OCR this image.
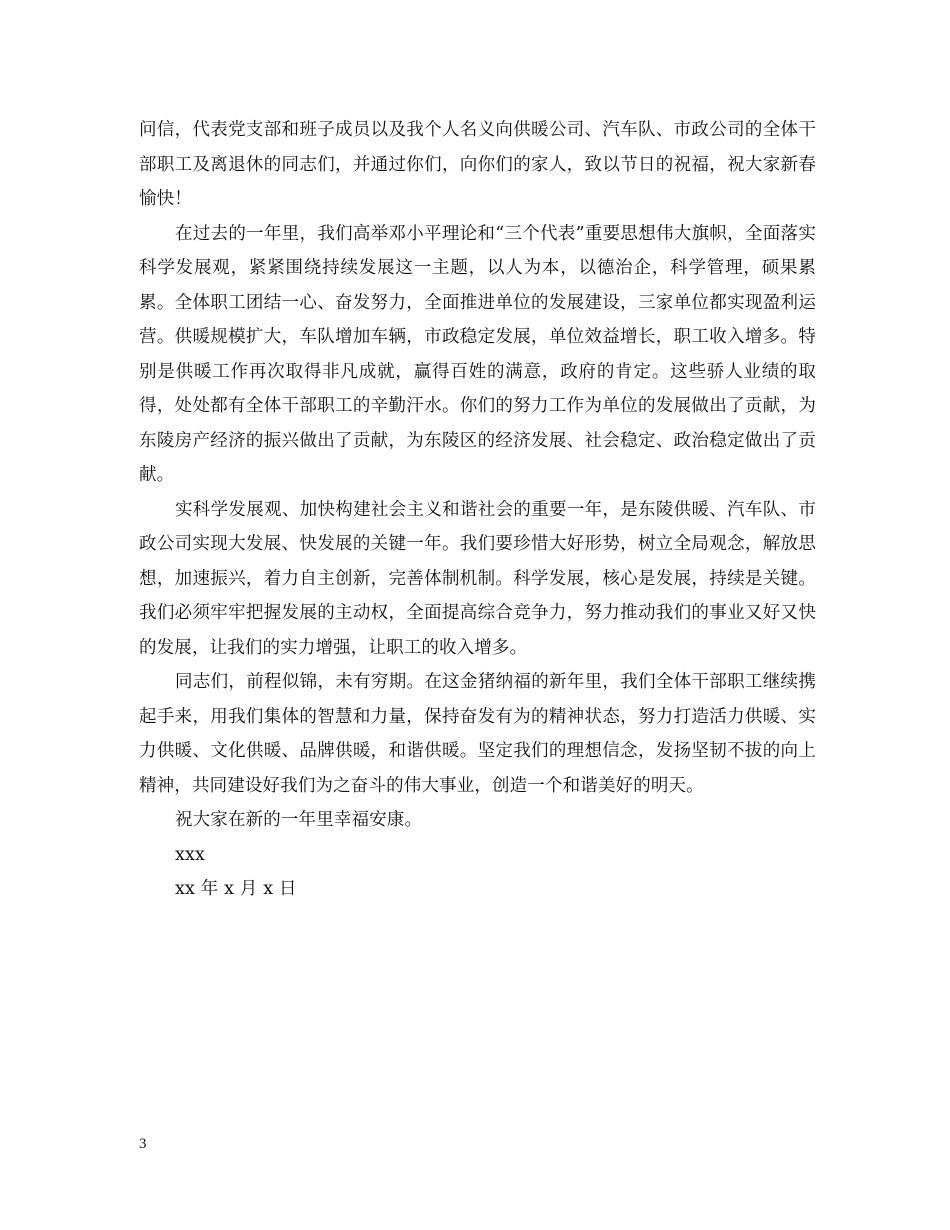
问信，代表党支部和班子成员以及我个人名义向供暖公司、汽车队、市政公司的全体干部职工及离退休的同志们，并通过你们，向你们的家人，致以节日的祝福，祝大家新春愉快！

在过去的一年里，我们高举邓小平理论和“三个代表”重要思想伟大旗帜，全面落实科学发展观，紧紧围绕持续发展这一主题，以人为本，以德治企，科学管理，硕果累累。全体职工团结一心、奋发努力，全面推进单位的发展建设，三家单位都实现盈利运营。供暖规模扩大，车队增加车辆，市政稳定发展，单位效益增长，职工收入增多。特别是供暖工作再次取得非凡成就，赢得百姓的满意，政府的肯定。这些骄人业绩的取得，处处都有全体干部职工的辛勤汗水。你们的努力工作为单位的发展做出了贡献，为东陵房产经济的振兴做出了贡献，为东陵区的经济发展、社会稳定、政治稳定做出了贡献。

实科学发展观、加快构建社会主义和谐社会的重要一年，是东陵供暖、汽车队、市政公司实现大发展、快发展的关键一年。我们要珍惜大好形势，树立全局观念，解放思想，加速振兴，着力自主创新，完善体制机制。科学发展，核心是发展，持续是关键。我们必须牢牢把握发展的主动权，全面提高综合竞争力，努力推动我们的事业又好又快的发展，让我们的实力增强，让职工的收入增多。

同志们，前程似锦，未有穷期。在这金猪纳福的新年里，我们全体干部职工继续携起手来，用我们集体的智慧和力量，保持奋发有为的精神状态，努力打造活力供暖、实力供暖、文化供暖、品牌供暖，和谐供暖。坚定我们的理想信念，发扬坚韧不拔的向上精神，共同建设好我们为之奋斗的伟大事业，创造一个和谐美好的明天。

祝大家在新的一年里幸福安康。

xxx

xx 年 x 月 x 日

3
